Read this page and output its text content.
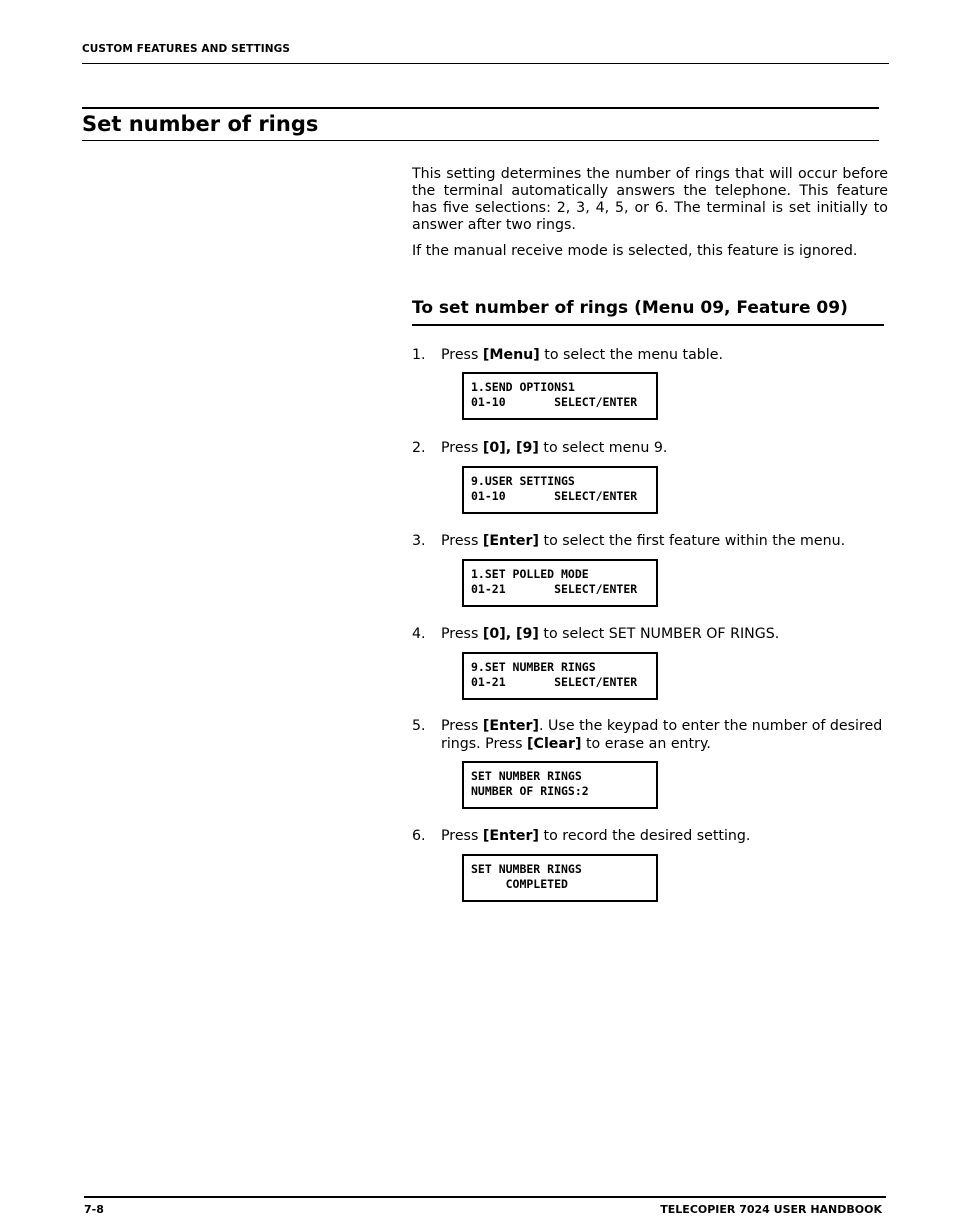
CUSTOM FEATURES AND SETTINGS
Set number of rings
This setting determines the number of rings that will occur before the terminal automatically answers the telephone. This feature has five selections: 2, 3, 4, 5, or 6. The terminal is set initially to answer after two rings.
If the manual receive mode is selected, this feature is ignored.
To set number of rings (Menu 09, Feature 09)
1. Press [Menu] to select the menu table.
1.SEND OPTIONS1
01-10       SELECT/ENTER
2. Press [0], [9] to select menu 9.
9.USER SETTINGS
01-10       SELECT/ENTER
3. Press [Enter] to select the first feature within the menu.
1.SET POLLED MODE
01-21       SELECT/ENTER
4. Press [0], [9] to select SET NUMBER OF RINGS.
9.SET NUMBER RINGS
01-21       SELECT/ENTER
5. Press [Enter]. Use the keypad to enter the number of desired rings. Press [Clear] to erase an entry.
SET NUMBER RINGS
NUMBER OF RINGS:2
6. Press [Enter] to record the desired setting.
SET NUMBER RINGS
COMPLETED
7-8	TELECOPIER 7024 USER HANDBOOK
